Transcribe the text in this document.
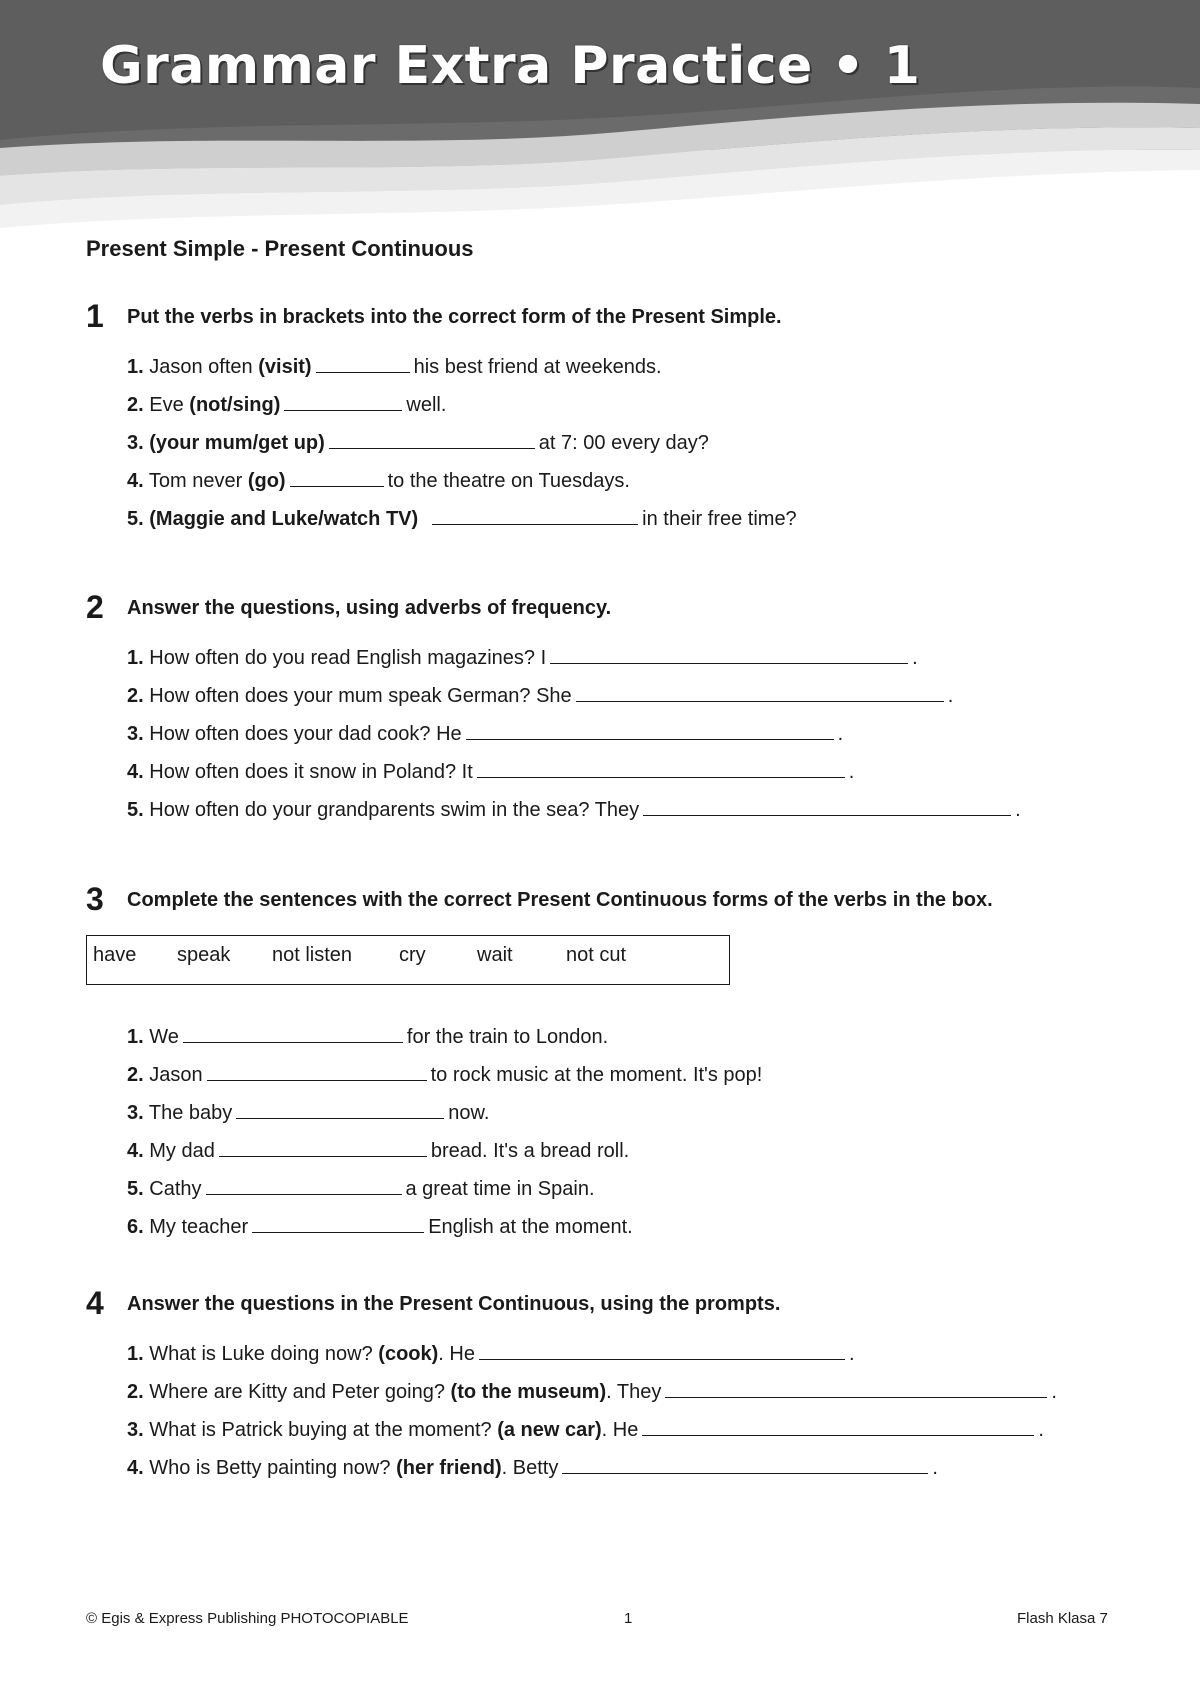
Grammar Extra Practice • 1
Present Simple - Present Continuous
1 Put the verbs in brackets into the correct form of the Present Simple.
1. Jason often (visit)	his best friend at weekends.
2. Eve (not/sing)	well.
3. (your mum/get up)	at 7: 00 every day?
4. Tom never (go)	to the theatre on Tuesdays.
5. (Maggie and Luke/watch TV)	in their free time?
2 Answer the questions, using adverbs of frequency.
1. How often do you read English magazines? I	.
2. How often does your mum speak German? She	.
3. How often does your dad cook? He	.
4. How often does it snow in Poland? It	.
5. How often do your grandparents swim in the sea? They	.
3 Complete the sentences with the correct Present Continuous forms of the verbs in the box.
have speak not listen cry	wait	not cut
1. We	for the train to London.
2. Jason	to rock music at the moment. It's pop!
3. The baby	now.
4. My dad	bread. It's a bread roll.
5. Cathy	a great time in Spain.
6. My teacher	English at the moment.
4 Answer the questions in the Present Continuous, using the prompts.
1. What is Luke doing now? (cook). He	.
2. Where are Kitty and Peter going? (to the museum). They	.
3. What is Patrick buying at the moment? (a new car). He	.
4. Who is Betty painting now? (her friend). Betty	.
© Egis & Express Publishing PHOTOCOPIABLE	1	Flash Klasa 7
